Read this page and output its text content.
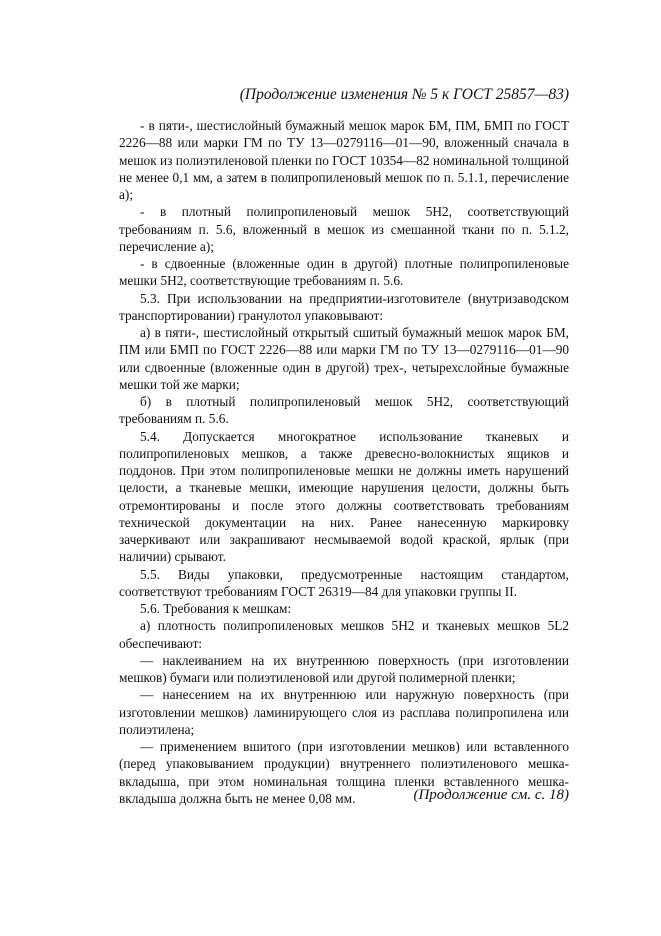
(Продолжение изменения № 5 к ГОСТ 25857—83)

- в пяти-, шестислойный бумажный мешок марок БМ, ПМ, БМП по ГОСТ 2226—88 или марки ГМ по ТУ 13—0279116—01—90, вложенный сначала в мешок из полиэтиленовой пленки по ГОСТ 10354—82 номинальной толщиной не менее 0,1 мм, а затем в полипропиленовый мешок по п. 5.1.1, перечисление а);

- в плотный полипропиленовый мешок 5Н2, соответствующий требованиям п. 5.6, вложенный в мешок из смешанной ткани по п. 5.1.2, перечисление а);

- в сдвоенные (вложенные один в другой) плотные полипропиленовые мешки 5Н2, соответствующие требованиям п. 5.6.

5.3. При использовании на предприятии-изготовителе (внутризаводском транспортировании) гранулотол упаковывают:

а) в пяти-, шестислойный открытый сшитый бумажный мешок марок БМ, ПМ или БМП по ГОСТ 2226—88 или марки ГМ по ТУ 13—0279116—01—90 или сдвоенные (вложенные один в другой) трех-, четырехслойные бумажные мешки той же марки;

б) в плотный полипропиленовый мешок 5Н2, соответствующий требованиям п. 5.6.

5.4. Допускается многократное использование тканевых и полипропиленовых мешков, а также древесно-волокнистых ящиков и поддонов. При этом полипропиленовые мешки не должны иметь нарушений целости, а тканевые мешки, имеющие нарушения целости, должны быть отремонтированы и после этого должны соответствовать требованиям технической документации на них. Ранее нанесенную маркировку зачеркивают или закрашивают несмываемой водой краской, ярлык (при наличии) срывают.

5.5. Виды упаковки, предусмотренные настоящим стандартом, соответствуют требованиям ГОСТ 26319—84 для упаковки группы II.

5.6. Требования к мешкам:

а) плотность полипропиленовых мешков 5Н2 и тканевых мешков 5L2 обеспечивают:

— наклеиванием на их внутреннюю поверхность (при изготовлении мешков) бумаги или полиэтиленовой или другой полимерной пленки;

— нанесением на их внутреннюю или наружную поверхность (при изготовлении мешков) ламинирующего слоя из расплава полипропилена или полиэтилена;

— применением вшитого (при изготовлении мешков) или вставленного (перед упаковыванием продукции) внутреннего полиэтиленового мешка-вкладыша, при этом номинальная толщина пленки вставленного мешка-вкладыша должна быть не менее 0,08 мм.	(Продолжение см. с. 18)
